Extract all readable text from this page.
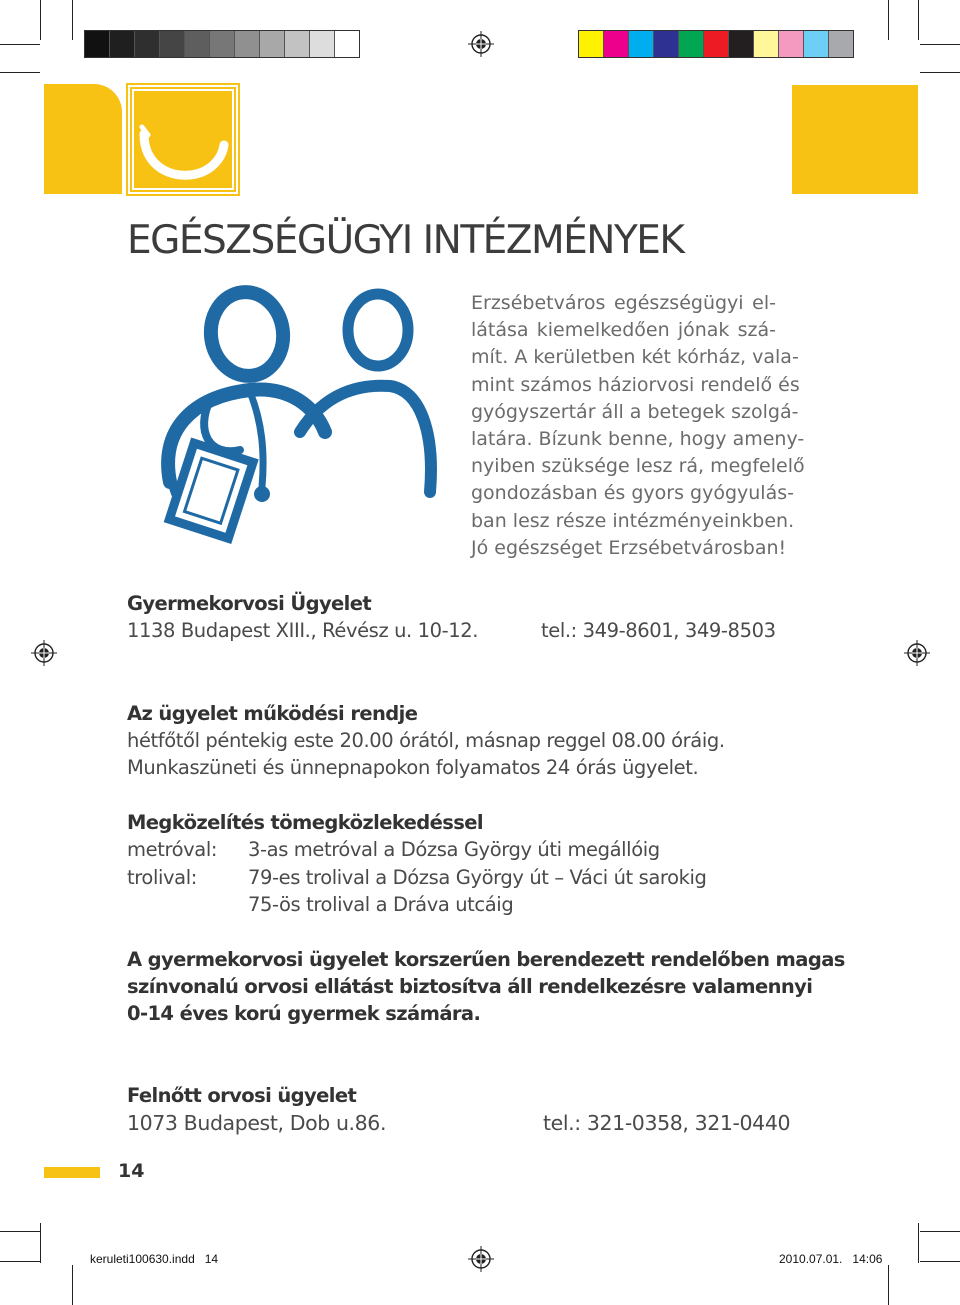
EGÉSZSÉGÜGYI INTÉZMÉNYEK
Erzsébetváros egészségügyi el-
látása kiemelkedően jónak szá-
mít. A kerületben két kórház, vala-
mint számos háziorvosi rendelő és
gyógyszertár áll a betegek szolgá-
latára. Bízunk benne, hogy ameny-
nyiben szüksége lesz rá, megfelelő
gondozásban és gyors gyógyulás-
ban lesz része intézményeinkben.
Jó egészséget Erzsébetvárosban!
Gyermekorvosi Ügyelet
1138 Budapest XIII., Révész u. 10-12.	tel.: 349-8601, 349-8503
Az ügyelet működési rendje
hétfőtől péntekig este 20.00 órától, másnap reggel 08.00 óráig.
Munkaszüneti és ünnepnapokon folyamatos 24 órás ügyelet.
Megközelítés tömegközlekedéssel
metróval: 3-as metróval a Dózsa György úti megállóig
trolival:	79-es trolival a Dózsa György út – Váci út sarokig
75-ös trolival a Dráva utcáig
A gyermekorvosi ügyelet korszerűen berendezett rendelőben magas
színvonalú orvosi ellátást biztosítva áll rendelkezésre valamennyi
0-14 éves korú gyermek számára.
Felnőtt orvosi ügyelet
1073 Budapest, Dob u.86.	tel.: 321-0358, 321-0440
14
keruleti100630.indd   14	2010.07.01.   14:06
